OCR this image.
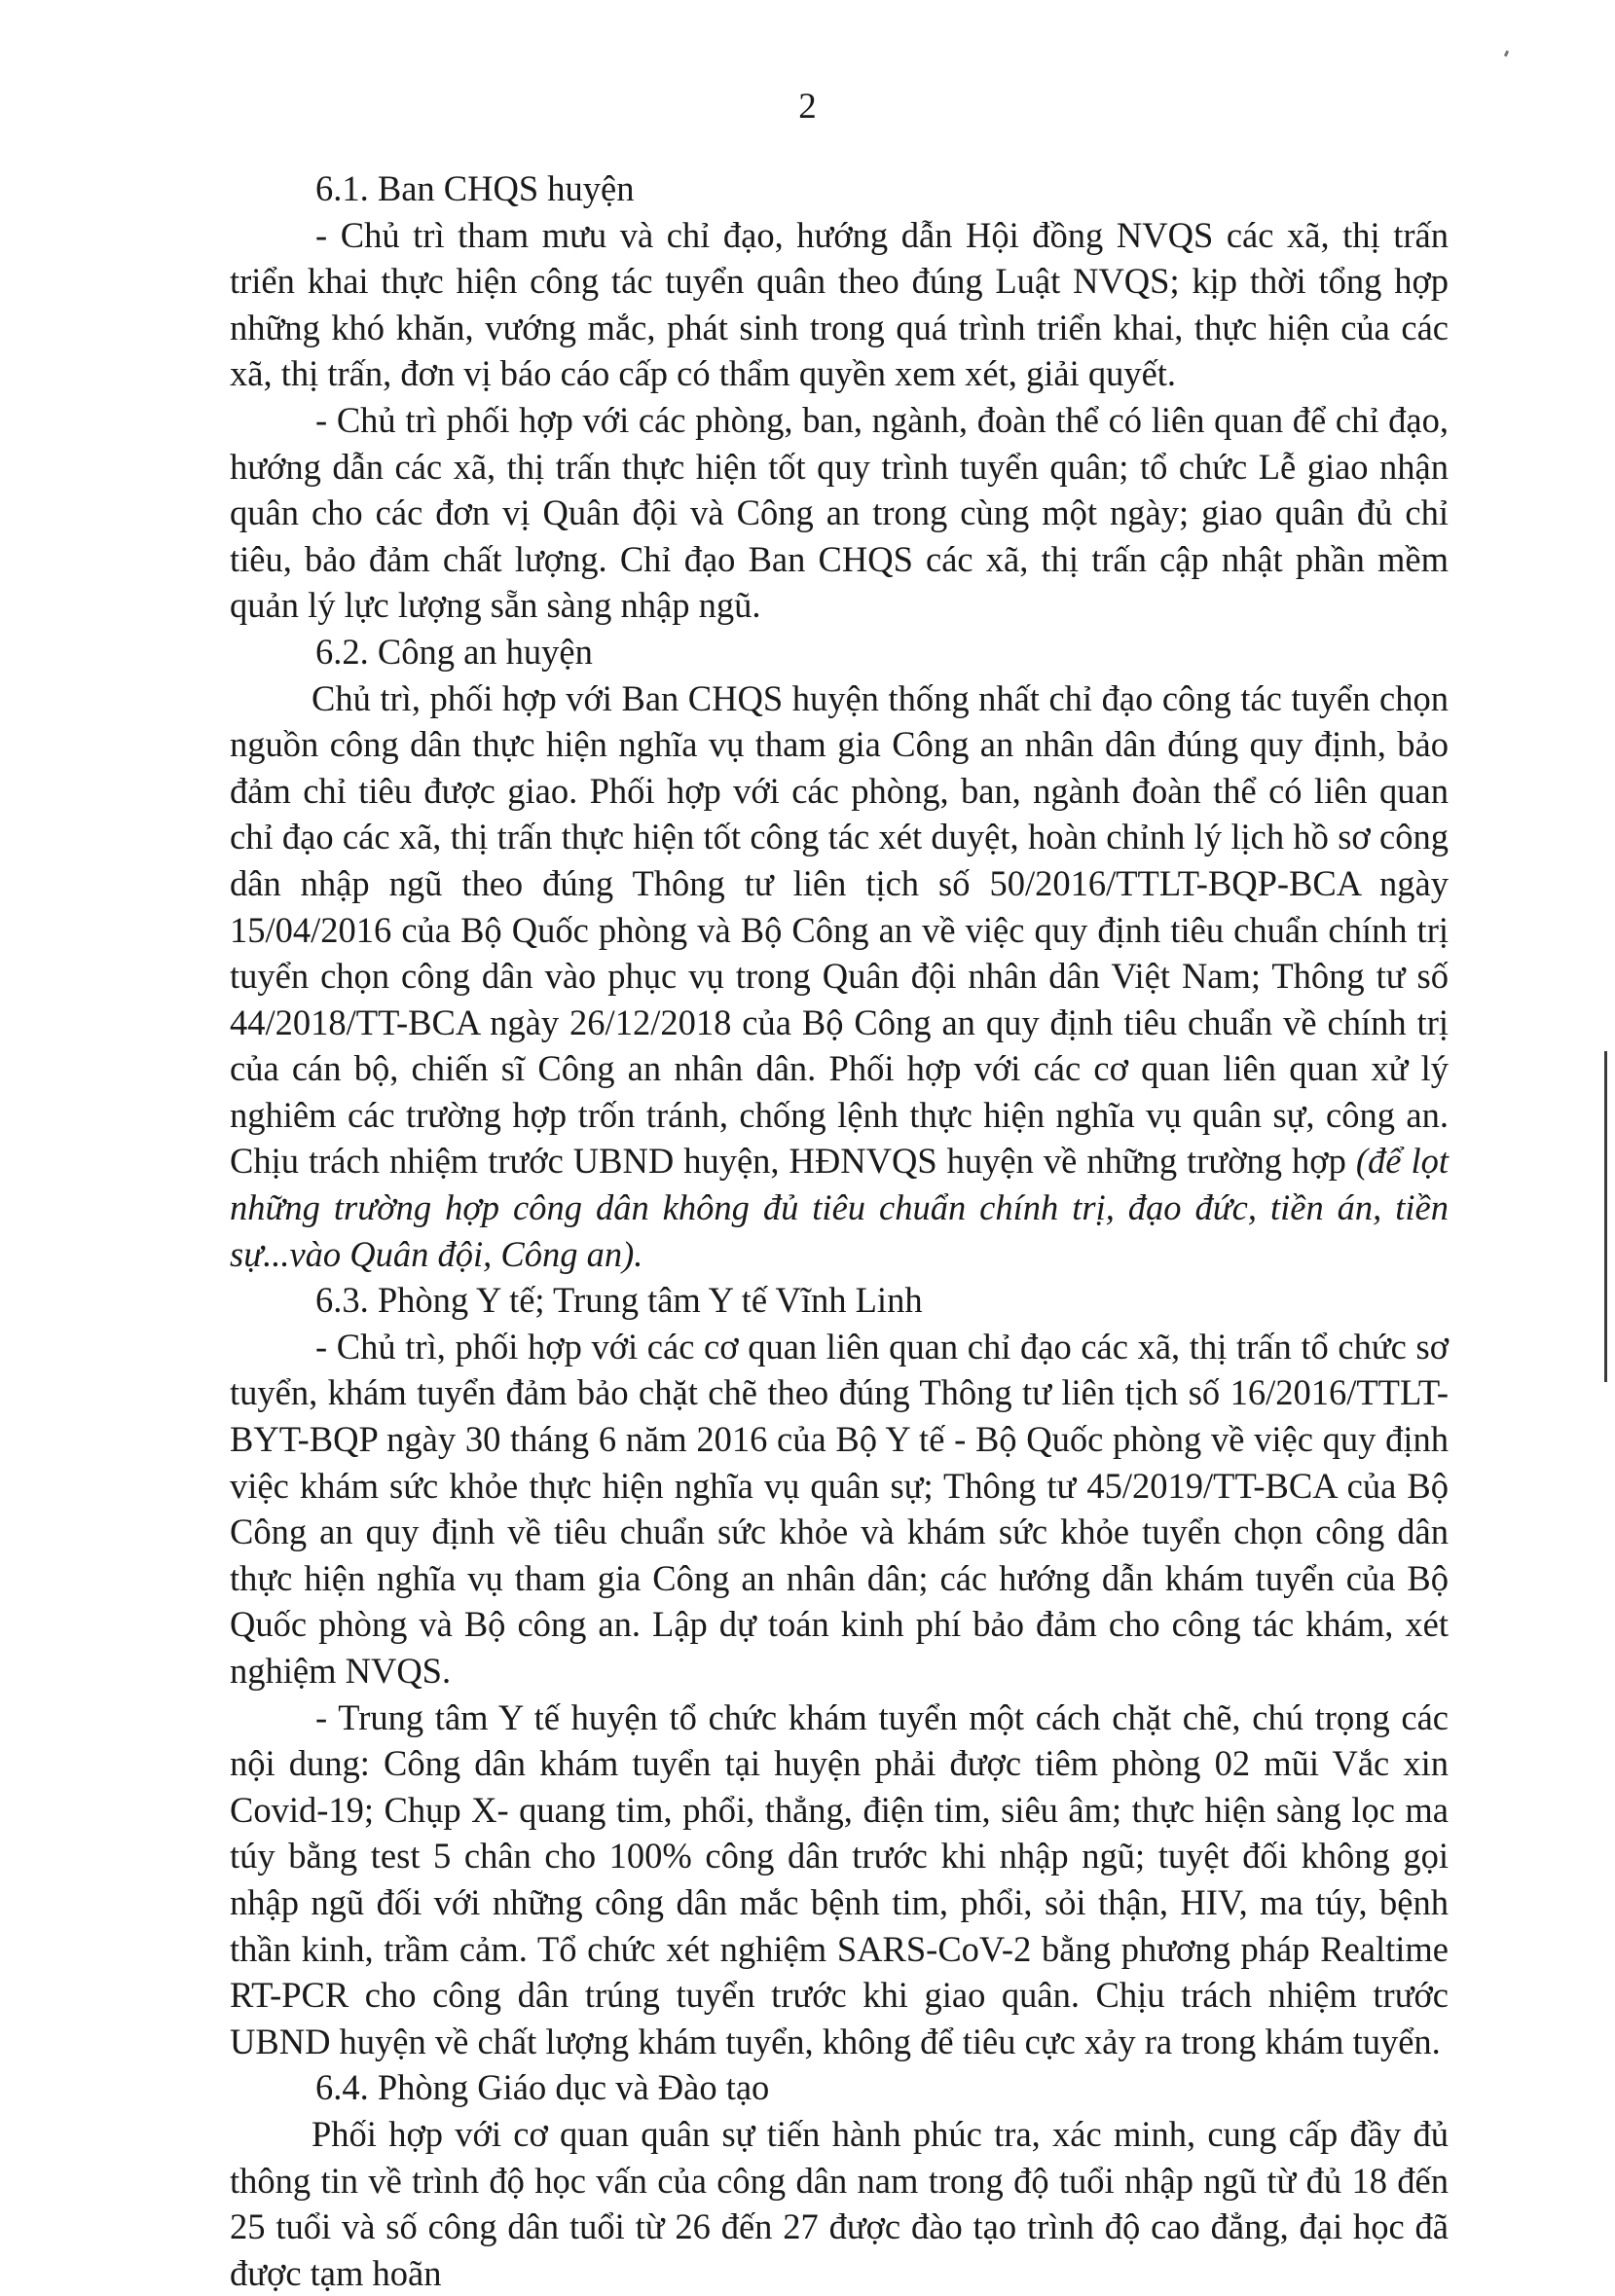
2

6.1. Ban CHQS huyện

- Chủ trì tham mưu và chỉ đạo, hướng dẫn Hội đồng NVQS các xã, thị trấn triển khai thực hiện công tác tuyển quân theo đúng Luật NVQS; kịp thời tổng hợp những khó khăn, vướng mắc, phát sinh trong quá trình triển khai, thực hiện của các xã, thị trấn, đơn vị báo cáo cấp có thẩm quyền xem xét, giải quyết.

- Chủ trì phối hợp với các phòng, ban, ngành, đoàn thể có liên quan để chỉ đạo, hướng dẫn các xã, thị trấn thực hiện tốt quy trình tuyển quân; tổ chức Lễ giao nhận quân cho các đơn vị Quân đội và Công an trong cùng một ngày; giao quân đủ chỉ tiêu, bảo đảm chất lượng. Chỉ đạo Ban CHQS các xã, thị trấn cập nhật phần mềm quản lý lực lượng sẵn sàng nhập ngũ.

6.2. Công an huyện

Chủ trì, phối hợp với Ban CHQS huyện thống nhất chỉ đạo công tác tuyển chọn nguồn công dân thực hiện nghĩa vụ tham gia Công an nhân dân đúng quy định, bảo đảm chỉ tiêu được giao. Phối hợp với các phòng, ban, ngành đoàn thể có liên quan chỉ đạo các xã, thị trấn thực hiện tốt công tác xét duyệt, hoàn chỉnh lý lịch hồ sơ công dân nhập ngũ theo đúng Thông tư liên tịch số 50/2016/TTLT-BQP-BCA ngày 15/04/2016 của Bộ Quốc phòng và Bộ Công an về việc quy định tiêu chuẩn chính trị tuyển chọn công dân vào phục vụ trong Quân đội nhân dân Việt Nam; Thông tư số 44/2018/TT-BCA ngày 26/12/2018 của Bộ Công an quy định tiêu chuẩn về chính trị của cán bộ, chiến sĩ Công an nhân dân. Phối hợp với các cơ quan liên quan xử lý nghiêm các trường hợp trốn tránh, chống lệnh thực hiện nghĩa vụ quân sự, công an. Chịu trách nhiệm trước UBND huyện, HĐNVQS huyện về những trường hợp (để lọt những trường hợp công dân không đủ tiêu chuẩn chính trị, đạo đức, tiền án, tiền sự...vào Quân đội, Công an).

6.3. Phòng Y tế; Trung tâm Y tế Vĩnh Linh

- Chủ trì, phối hợp với các cơ quan liên quan chỉ đạo các xã, thị trấn tổ chức sơ tuyển, khám tuyển đảm bảo chặt chẽ theo đúng Thông tư liên tịch số 16/2016/TTLT-BYT-BQP ngày 30 tháng 6 năm 2016 của Bộ Y tế - Bộ Quốc phòng về việc quy định việc khám sức khỏe thực hiện nghĩa vụ quân sự; Thông tư 45/2019/TT-BCA của Bộ Công an quy định về tiêu chuẩn sức khỏe và khám sức khỏe tuyển chọn công dân thực hiện nghĩa vụ tham gia Công an nhân dân; các hướng dẫn khám tuyển của Bộ Quốc phòng và Bộ công an. Lập dự toán kinh phí bảo đảm cho công tác khám, xét nghiệm NVQS.

- Trung tâm Y tế huyện tổ chức khám tuyển một cách chặt chẽ, chú trọng các nội dung: Công dân khám tuyển tại huyện phải được tiêm phòng 02 mũi Vắc xin Covid-19; Chụp X- quang tim, phổi, thẳng, điện tim, siêu âm; thực hiện sàng lọc ma túy bằng test 5 chân cho 100% công dân trước khi nhập ngũ; tuyệt đối không gọi nhập ngũ đối với những công dân mắc bệnh tim, phổi, sỏi thận, HIV, ma túy, bệnh thần kinh, trầm cảm. Tổ chức xét nghiệm SARS-CoV-2 bằng phương pháp Realtime RT-PCR cho công dân trúng tuyển trước khi giao quân. Chịu trách nhiệm trước UBND huyện về chất lượng khám tuyển, không để tiêu cực xảy ra trong khám tuyển.

6.4. Phòng Giáo dục và Đào tạo

Phối hợp với cơ quan quân sự tiến hành phúc tra, xác minh, cung cấp đầy đủ thông tin về trình độ học vấn của công dân nam trong độ tuổi nhập ngũ từ đủ 18 đến 25 tuổi và số công dân tuổi từ 26 đến 27 được đào tạo trình độ cao đẳng, đại học đã được tạm hoãn
